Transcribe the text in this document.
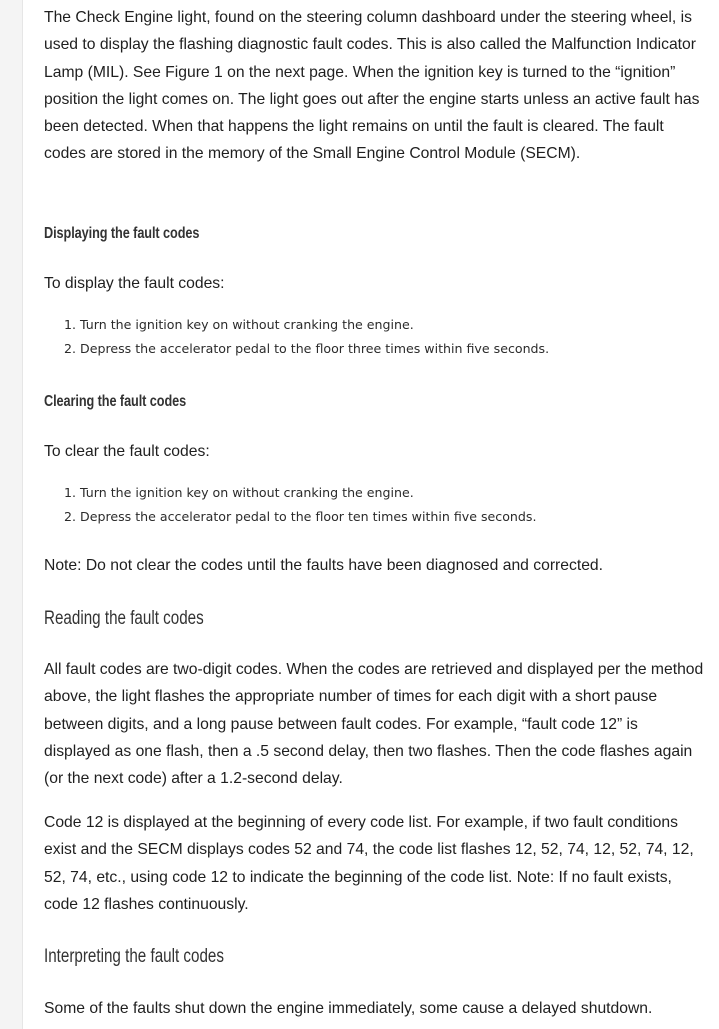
The Check Engine light, found on the steering column dashboard under the steering wheel, is used to display the flashing diagnostic fault codes. This is also called the Malfunction Indicator Lamp (MIL). See Figure 1 on the next page. When the ignition key is turned to the “ignition” position the light comes on. The light goes out after the engine starts unless an active fault has been detected. When that happens the light remains on until the fault is cleared. The fault codes are stored in the memory of the Small Engine Control Module (SECM).

Displaying the fault codes

To display the fault codes:

1. Turn the ignition key on without cranking the engine.
2. Depress the accelerator pedal to the floor three times within five seconds.
Clearing the fault codes

To clear the fault codes:

1. Turn the ignition key on without cranking the engine.
2. Depress the accelerator pedal to the floor ten times within five seconds.

Note: Do not clear the codes until the faults have been diagnosed and corrected.

Reading the fault codes

All fault codes are two-digit codes. When the codes are retrieved and displayed per the method above, the light flashes the appropriate number of times for each digit with a short pause between digits, and a long pause between fault codes. For example, “fault code 12” is displayed as one flash, then a .5 second delay, then two flashes. Then the code flashes again (or the next code) after a 1.2-second delay.

Code 12 is displayed at the beginning of every code list. For example, if two fault conditions exist and the SECM displays codes 52 and 74, the code list flashes 12, 52, 74, 12, 52, 74, 12, 52, 74, etc., using code 12 to indicate the beginning of the code list. Note: If no fault exists, code 12 flashes continuously.

Interpreting the fault codes

Some of the faults shut down the engine immediately, some cause a delayed shutdown.
